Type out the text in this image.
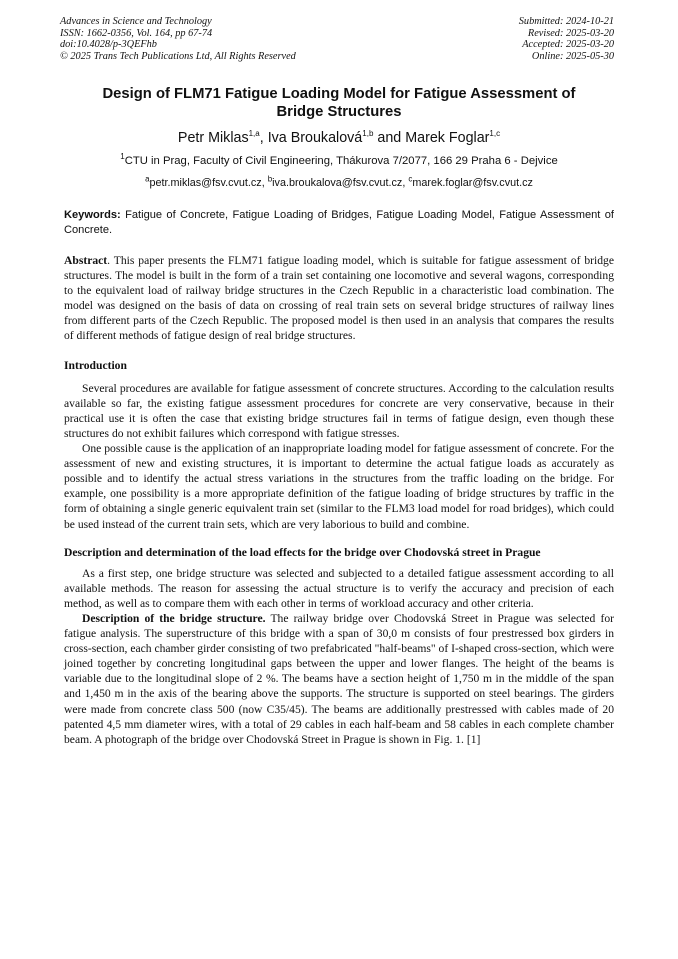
Advances in Science and Technology
ISSN: 1662-0356, Vol. 164, pp 67-74
doi:10.4028/p-3QEFhb
© 2025 Trans Tech Publications Ltd, All Rights Reserved
Submitted: 2024-10-21
Revised: 2025-03-20
Accepted: 2025-03-20
Online: 2025-05-30
Design of FLM71 Fatigue Loading Model for Fatigue Assessment of Bridge Structures
Petr Miklas$^{1,a}$, Iva Broukalová$^{1,b}$ and Marek Foglar$^{1,c}$
$^1$CTU in Prag, Faculty of Civil Engineering, Thákurova 7/2077, 166 29 Praha 6 - Dejvice
$^a$petr.miklas@fsv.cvut.cz, $^b$iva.broukalova@fsv.cvut.cz, $^c$marek.foglar@fsv.cvut.cz

Keywords: Fatigue of Concrete, Fatigue Loading of Bridges, Fatigue Loading Model, Fatigue Assessment of Concrete.

Abstract. This paper presents the FLM71 fatigue loading model, which is suitable for fatigue assessment of bridge structures. The model is built in the form of a train set containing one locomotive and several wagons, corresponding to the equivalent load of railway bridge structures in the Czech Republic in a characteristic load combination. The model was designed on the basis of data on crossing of real train sets on several bridge structures of railway lines from different parts of the Czech Republic. The proposed model is then used in an analysis that compares the results of different methods of fatigue design of real bridge structures.

Introduction

Several procedures are available for fatigue assessment of concrete structures. According to the calculation results available so far, the existing fatigue assessment procedures for concrete are very conservative, because in their practical use it is often the case that existing bridge structures fail in terms of fatigue design, even though these structures do not exhibit failures which correspond with fatigue stresses.

One possible cause is the application of an inappropriate loading model for fatigue assessment of concrete. For the assessment of new and existing structures, it is important to determine the actual fatigue loads as accurately as possible and to identify the actual stress variations in the structures from the traffic loading on the bridge. For example, one possibility is a more appropriate definition of the fatigue loading of bridge structures by traffic in the form of obtaining a single generic equivalent train set (similar to the FLM3 load model for road bridges), which could be used instead of the current train sets, which are very laborious to build and combine.

Description and determination of the load effects for the bridge over Chodovská street in Prague

As a first step, one bridge structure was selected and subjected to a detailed fatigue assessment according to all available methods. The reason for assessing the actual structure is to verify the accuracy and precision of each method, as well as to compare them with each other in terms of workload accuracy and other criteria.

Description of the bridge structure. The railway bridge over Chodovská Street in Prague was selected for fatigue analysis. The superstructure of this bridge with a span of 30,0 m consists of four prestressed box girders in cross-section, each chamber girder consisting of two prefabricated "half-beams" of I-shaped cross-section, which were joined together by concreting longitudinal gaps between the upper and lower flanges. The height of the beams is variable due to the longitudinal slope of 2 %. The beams have a section height of 1,750 m in the middle of the span and 1,450 m in the axis of the bearing above the supports. The structure is supported on steel bearings. The girders were made from concrete class 500 (now C35/45). The beams are additionally prestressed with cables made of 20 patented 4,5 mm diameter wires, with a total of 29 cables in each half-beam and 58 cables in each complete chamber beam. A photograph of the bridge over Chodovská Street in Prague is shown in Fig. 1. [1]
